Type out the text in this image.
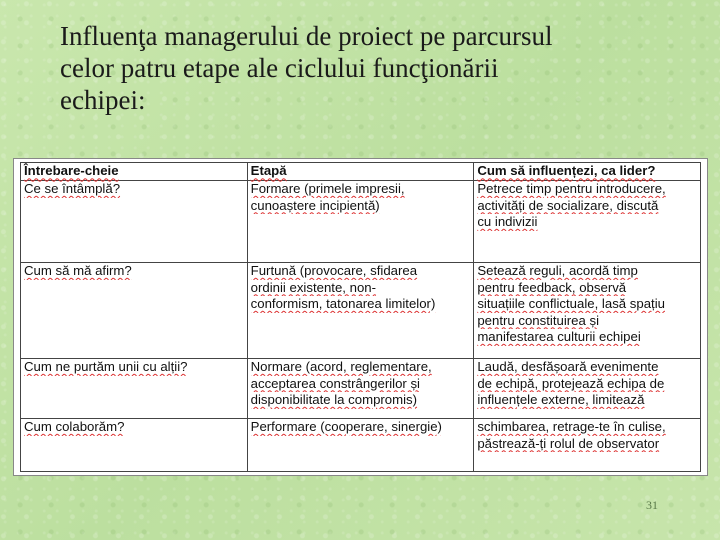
Influenţa managerului de proiect pe parcursul
celor patru etape ale ciclului funcţionării
echipei:
Întrebare-cheie	Etapă	Cum să influențezi, ca lider?

Ce se întâmplă?	Formare (primele impresii,
cunoaștere incipientă)	Petrece timp pentru introducere,
activități de socializare, discută
cu indivizii

Cum să mă afirm?	Furtună (provocare, sfidarea
ordinii existente, non-
conformism, tatonarea limitelor)	Setează reguli, acordă timp
pentru feedback, observă
situațiile conflictuale, lasă spațiu
pentru constituirea și
manifestarea culturii echipei

Cum ne purtăm unii cu alții?	Normare (acord, reglementare,
acceptarea constrângerilor și
disponibilitate la compromis)	Laudă, desfășoară evenimente
de echipă, protejează echipa de
influențele externe, limitează

Cum colaborăm?	Performare (cooperare, sinergie)	schimbarea, retrage-te în culise,
păstrează-ți rolul de observator
31
